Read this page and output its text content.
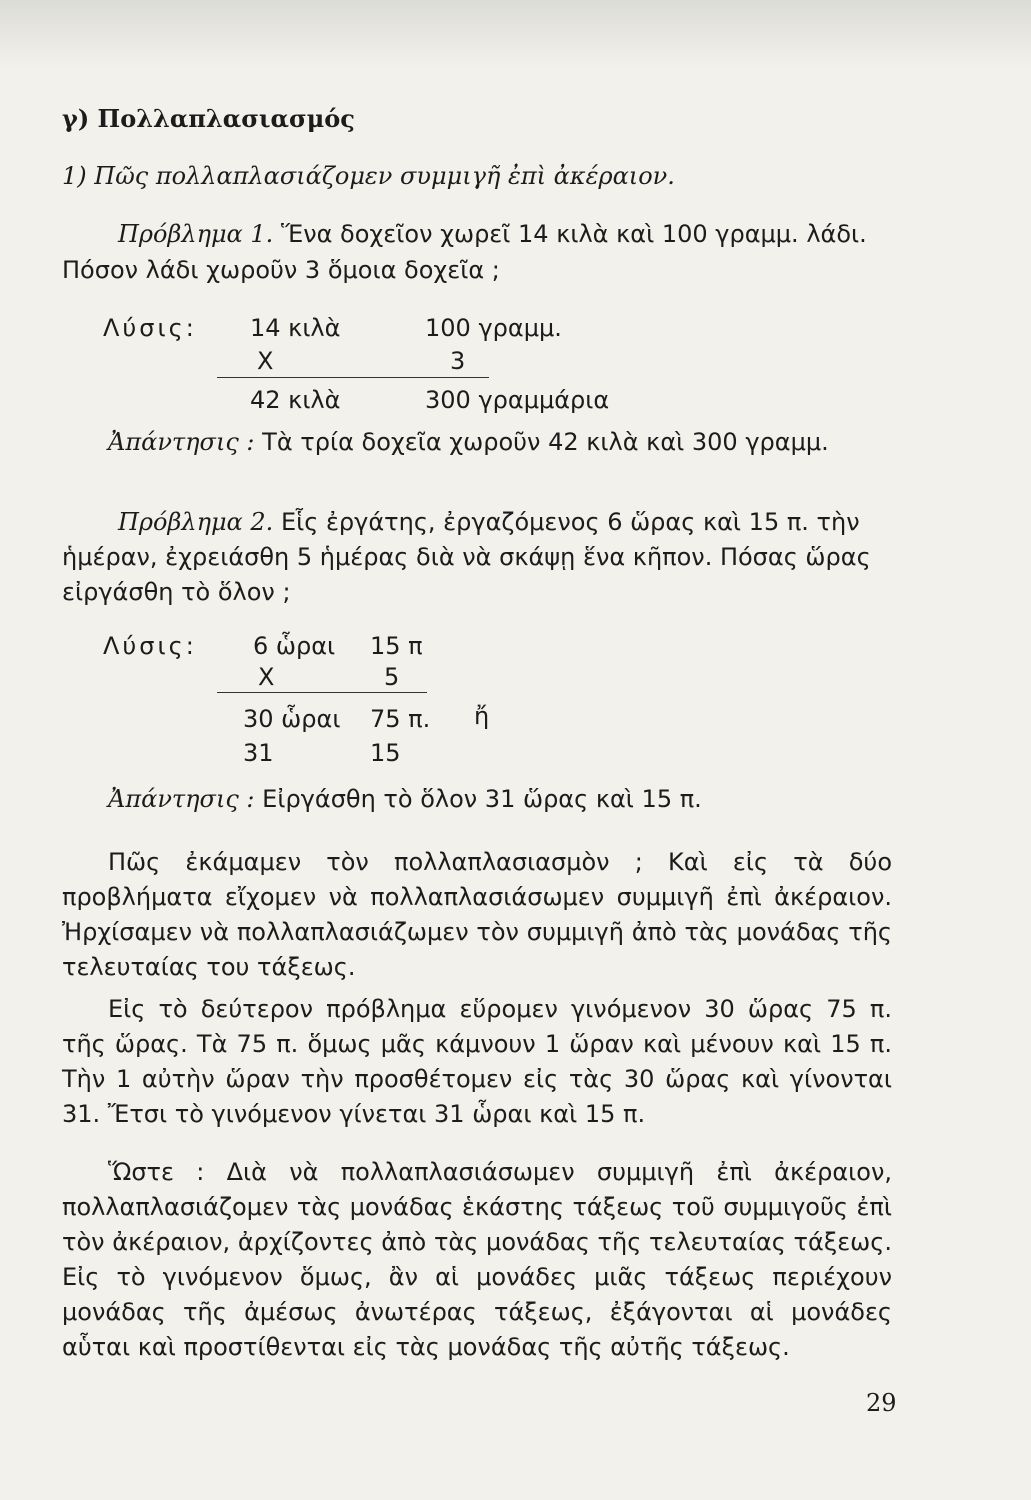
γ) Πολλαπλασιασμός
1) Πῶς πολλαπλασιάζομεν συμμιγῆ ἐπὶ ἀκέραιον.
Πρόβλημα 1. Ἕνα δοχεῖον χωρεῖ 14 κιλὰ καὶ 100 γραμμ. λάδι.
Πόσον λάδι χωροῦν 3 ὅμοια δοχεῖα ;
Λύσις: 14 κιλὰ	100 γραμμ.
Χ	3
42 κιλὰ	300 γραμμάρια
Ἀπάντησις : Τὰ τρία δοχεῖα χωροῦν 42 κιλὰ καὶ 300 γραμμ.
Πρόβλημα 2. Εἷς ἐργάτης, ἐργαζόμενος 6 ὥρας καὶ 15 π. τὴν
ἡμέραν, ἐχρειάσθη 5 ἡμέρας διὰ νὰ σκάψῃ ἕνα κῆπον. Πόσας ὥρας
εἰργάσθη τὸ ὅλον ;
Λύσις: 6 ὧραι 15 π
Χ	5
30 ὧραι 75 π. ἤ
31	15
Ἀπάντησις : Εἰργάσθη τὸ ὅλον 31 ὥρας καὶ 15 π.

Πῶς ἐκάμαμεν τὸν πολλαπλασιασμὸν ; Καὶ εἰς τὰ δύο προβλήματα εἴχομεν νὰ πολλαπλασιάσωμεν συμμιγῆ ἐπὶ ἀκέραιον. Ἠρχίσαμεν νὰ πολλαπλασιάζωμεν τὸν συμμιγῆ ἀπὸ τὰς μονάδας τῆς τελευταίας του τάξεως.

Εἰς τὸ δεύτερον πρόβλημα εὕρομεν γινόμενον 30 ὥρας 75 π. τῆς ὥρας. Τὰ 75 π. ὅμως μᾶς κάμνουν 1 ὥραν καὶ μένουν καὶ 15 π. Τὴν 1 αὐτὴν ὥραν τὴν προσθέτομεν εἰς τὰς 30 ὥρας καὶ γίνονται 31. Ἔτσι τὸ γινόμενον γίνεται 31 ὧραι καὶ 15 π.

Ὥστε : Διὰ νὰ πολλαπλασιάσωμεν συμμιγῆ ἐπὶ ἀκέραιον, πολλαπλασιάζομεν τὰς μονάδας ἑκάστης τάξεως τοῦ συμμιγοῦς ἐπὶ τὸν ἀκέραιον, ἀρχίζοντες ἀπὸ τὰς μονάδας τῆς τελευταίας τάξεως. Εἰς τὸ γινόμενον ὅμως, ἂν αἱ μονάδες μιᾶς τάξεως περιέχουν μονάδας τῆς ἀμέσως ἀνωτέρας τάξεως, ἐξάγονται αἱ μονάδες αὗται καὶ προστίθενται εἰς τὰς μονάδας τῆς αὐτῆς τάξεως.

29
